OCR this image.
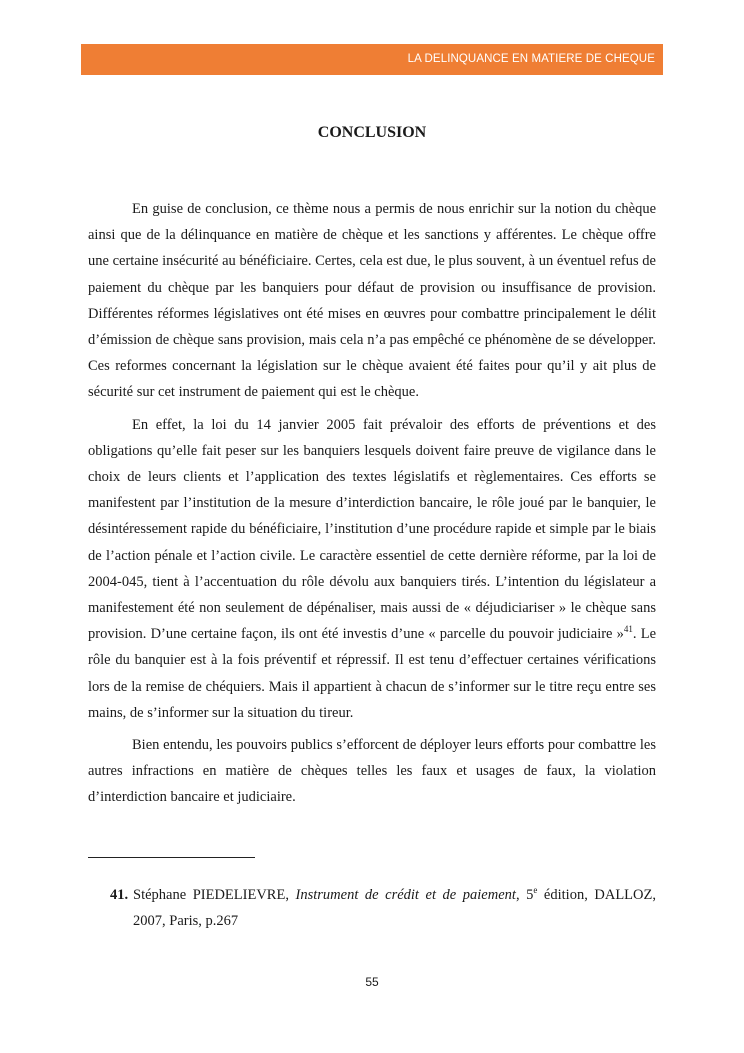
LA DELINQUANCE EN MATIERE DE CHEQUE
CONCLUSION

En guise de conclusion, ce thème nous a permis de nous enrichir sur la notion du chèque ainsi que de la délinquance en matière de chèque et les sanctions y afférentes. Le chèque offre une certaine insécurité au bénéficiaire. Certes, cela est due, le plus souvent, à un éventuel refus de paiement du chèque par les banquiers pour défaut de provision ou insuffisance de provision. Différentes réformes législatives ont été mises en œuvres pour combattre principalement le délit d’émission de chèque sans provision, mais cela n’a pas empêché ce phénomène de se développer. Ces reformes concernant la législation sur le chèque avaient été faites pour qu’il y ait plus de sécurité sur cet instrument de paiement qui est le chèque.

En effet, la loi du 14 janvier 2005 fait prévaloir des efforts de préventions et des obligations qu’elle fait peser sur les banquiers lesquels doivent faire preuve de vigilance dans le choix de leurs clients et l’application des textes législatifs et règlementaires. Ces efforts se manifestent par l’institution de la mesure d’interdiction bancaire, le rôle joué par le banquier, le désintéressement rapide du bénéficiaire, l’institution d’une procédure rapide et simple par le biais de l’action pénale et l’action civile. Le caractère essentiel de cette dernière réforme, par la loi de 2004-045, tient à l’accentuation du rôle dévolu aux banquiers tirés. L’intention du législateur a manifestement été non seulement de dépénaliser, mais aussi de « déjudiciariser » le chèque sans provision. D’une certaine façon, ils ont été investis d’une « parcelle du pouvoir judiciaire »$^{41}$. Le rôle du banquier est à la fois préventif et répressif. Il est tenu d’effectuer certaines vérifications lors de la remise de chéquiers. Mais il appartient à chacun de s’informer sur le titre reçu entre ses mains, de s’informer sur la situation du tireur.

Bien entendu, les pouvoirs publics s’efforcent de déployer leurs efforts pour combattre les autres infractions en matière de chèques telles les faux et usages de faux, la violation d’interdiction bancaire et judiciaire.

41. Stéphane PIEDELIEVRE, Instrument de crédit et de paiement, 5e édition, DALLOZ, 2007, Paris, p.267
55
